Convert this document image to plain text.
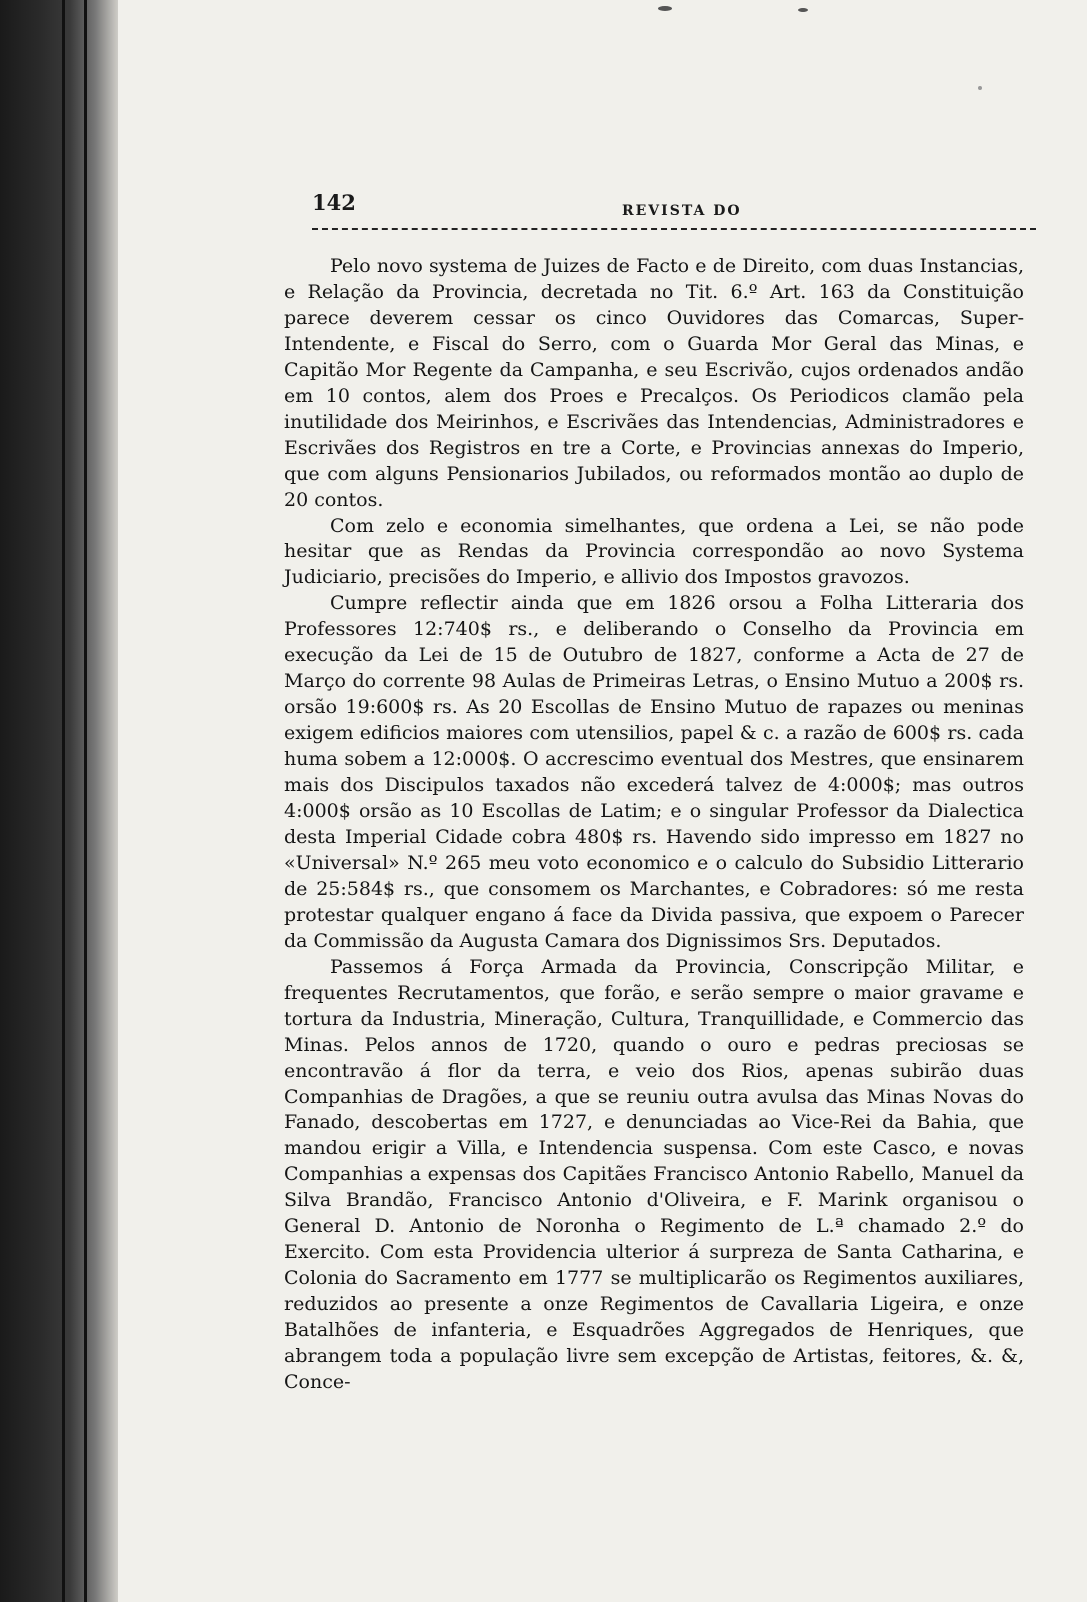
142	REVISTA DO

Pelo novo systema de Juizes de Facto e de Direito, com duas Instancias, e Relação da Provincia, decretada no Tit. 6.º Art. 163 da Constituição parece deverem cessar os cinco Ouvidores das Comarcas, Super-Intendente, e Fiscal do Serro, com o Guarda Mor Geral das Minas, e Capitão Mor Regente da Campanha, e seu Escrivão, cujos ordenados andão em 10 contos, alem dos Proes e Precalços. Os Periodicos clamão pela inutilidade dos Meirinhos, e Escrivães das Intendencias, Administradores e Escrivães dos Registros en tre a Corte, e Provincias annexas do Imperio, que com alguns Pensionarios Jubilados, ou reformados montão ao duplo de 20 contos.

Com zelo e economia simelhantes, que ordena a Lei, se não pode hesitar que as Rendas da Provincia correspondão ao novo Systema Judiciario, precisões do Imperio, e allivio dos Impostos gravozos.

Cumpre reflectir ainda que em 1826 orsou a Folha Litteraria dos Professores 12:740$ rs., e deliberando o Conselho da Provincia em execução da Lei de 15 de Outubro de 1827, conforme a Acta de 27 de Março do corrente 98 Aulas de Primeiras Letras, o Ensino Mutuo a 200$ rs. orsão 19:600$ rs. As 20 Escollas de Ensino Mutuo de rapazes ou meninas exigem edificios maiores com utensilios, papel & c. a razão de 600$ rs. cada huma sobem a 12:000$. O accrescimo eventual dos Mestres, que ensinarem mais dos Discipulos taxados não excederá talvez de 4:000$; mas outros 4:000$ orsão as 10 Escollas de Latim; e o singular Professor da Dialectica desta Imperial Cidade cobra 480$ rs. Havendo sido impresso em 1827 no «Universal» N.º 265 meu voto economico e o calculo do Subsidio Litterario de 25:584$ rs., que consomem os Marchantes, e Cobradores: só me resta protestar qualquer engano á face da Divida passiva, que expoem o Parecer da Commissão da Augusta Camara dos Dignissimos Srs. Deputados.

Passemos á Força Armada da Provincia, Conscripção Militar, e frequentes Recrutamentos, que forão, e serão sempre o maior gravame e tortura da Industria, Mineração, Cultura, Tranquillidade, e Commercio das Minas. Pelos annos de 1720, quando o ouro e pedras preciosas se encontravão á flor da terra, e veio dos Rios, apenas subirão duas Companhias de Dragões, a que se reuniu outra avulsa das Minas Novas do Fanado, descobertas em 1727, e denunciadas ao Vice-Rei da Bahia, que mandou erigir a Villa, e Intendencia suspensa. Com este Casco, e novas Companhias a expensas dos Capitães Francisco Antonio Rabello, Manuel da Silva Brandão, Francisco Antonio d'Oliveira, e F. Marink organisou o General D. Antonio de Noronha o Regimento de L.ª chamado 2.º do Exercito. Com esta Providencia ulterior á surpreza de Santa Catharina, e Colonia do Sacramento em 1777 se multiplicarão os Regimentos auxiliares, reduzidos ao presente a onze Regimentos de Cavallaria Ligeira, e onze Batalhões de infanteria, e Esquadrões Aggregados de Henriques, que abrangem toda a população livre sem excepção de Artistas, feitores, &. &, Conce-
